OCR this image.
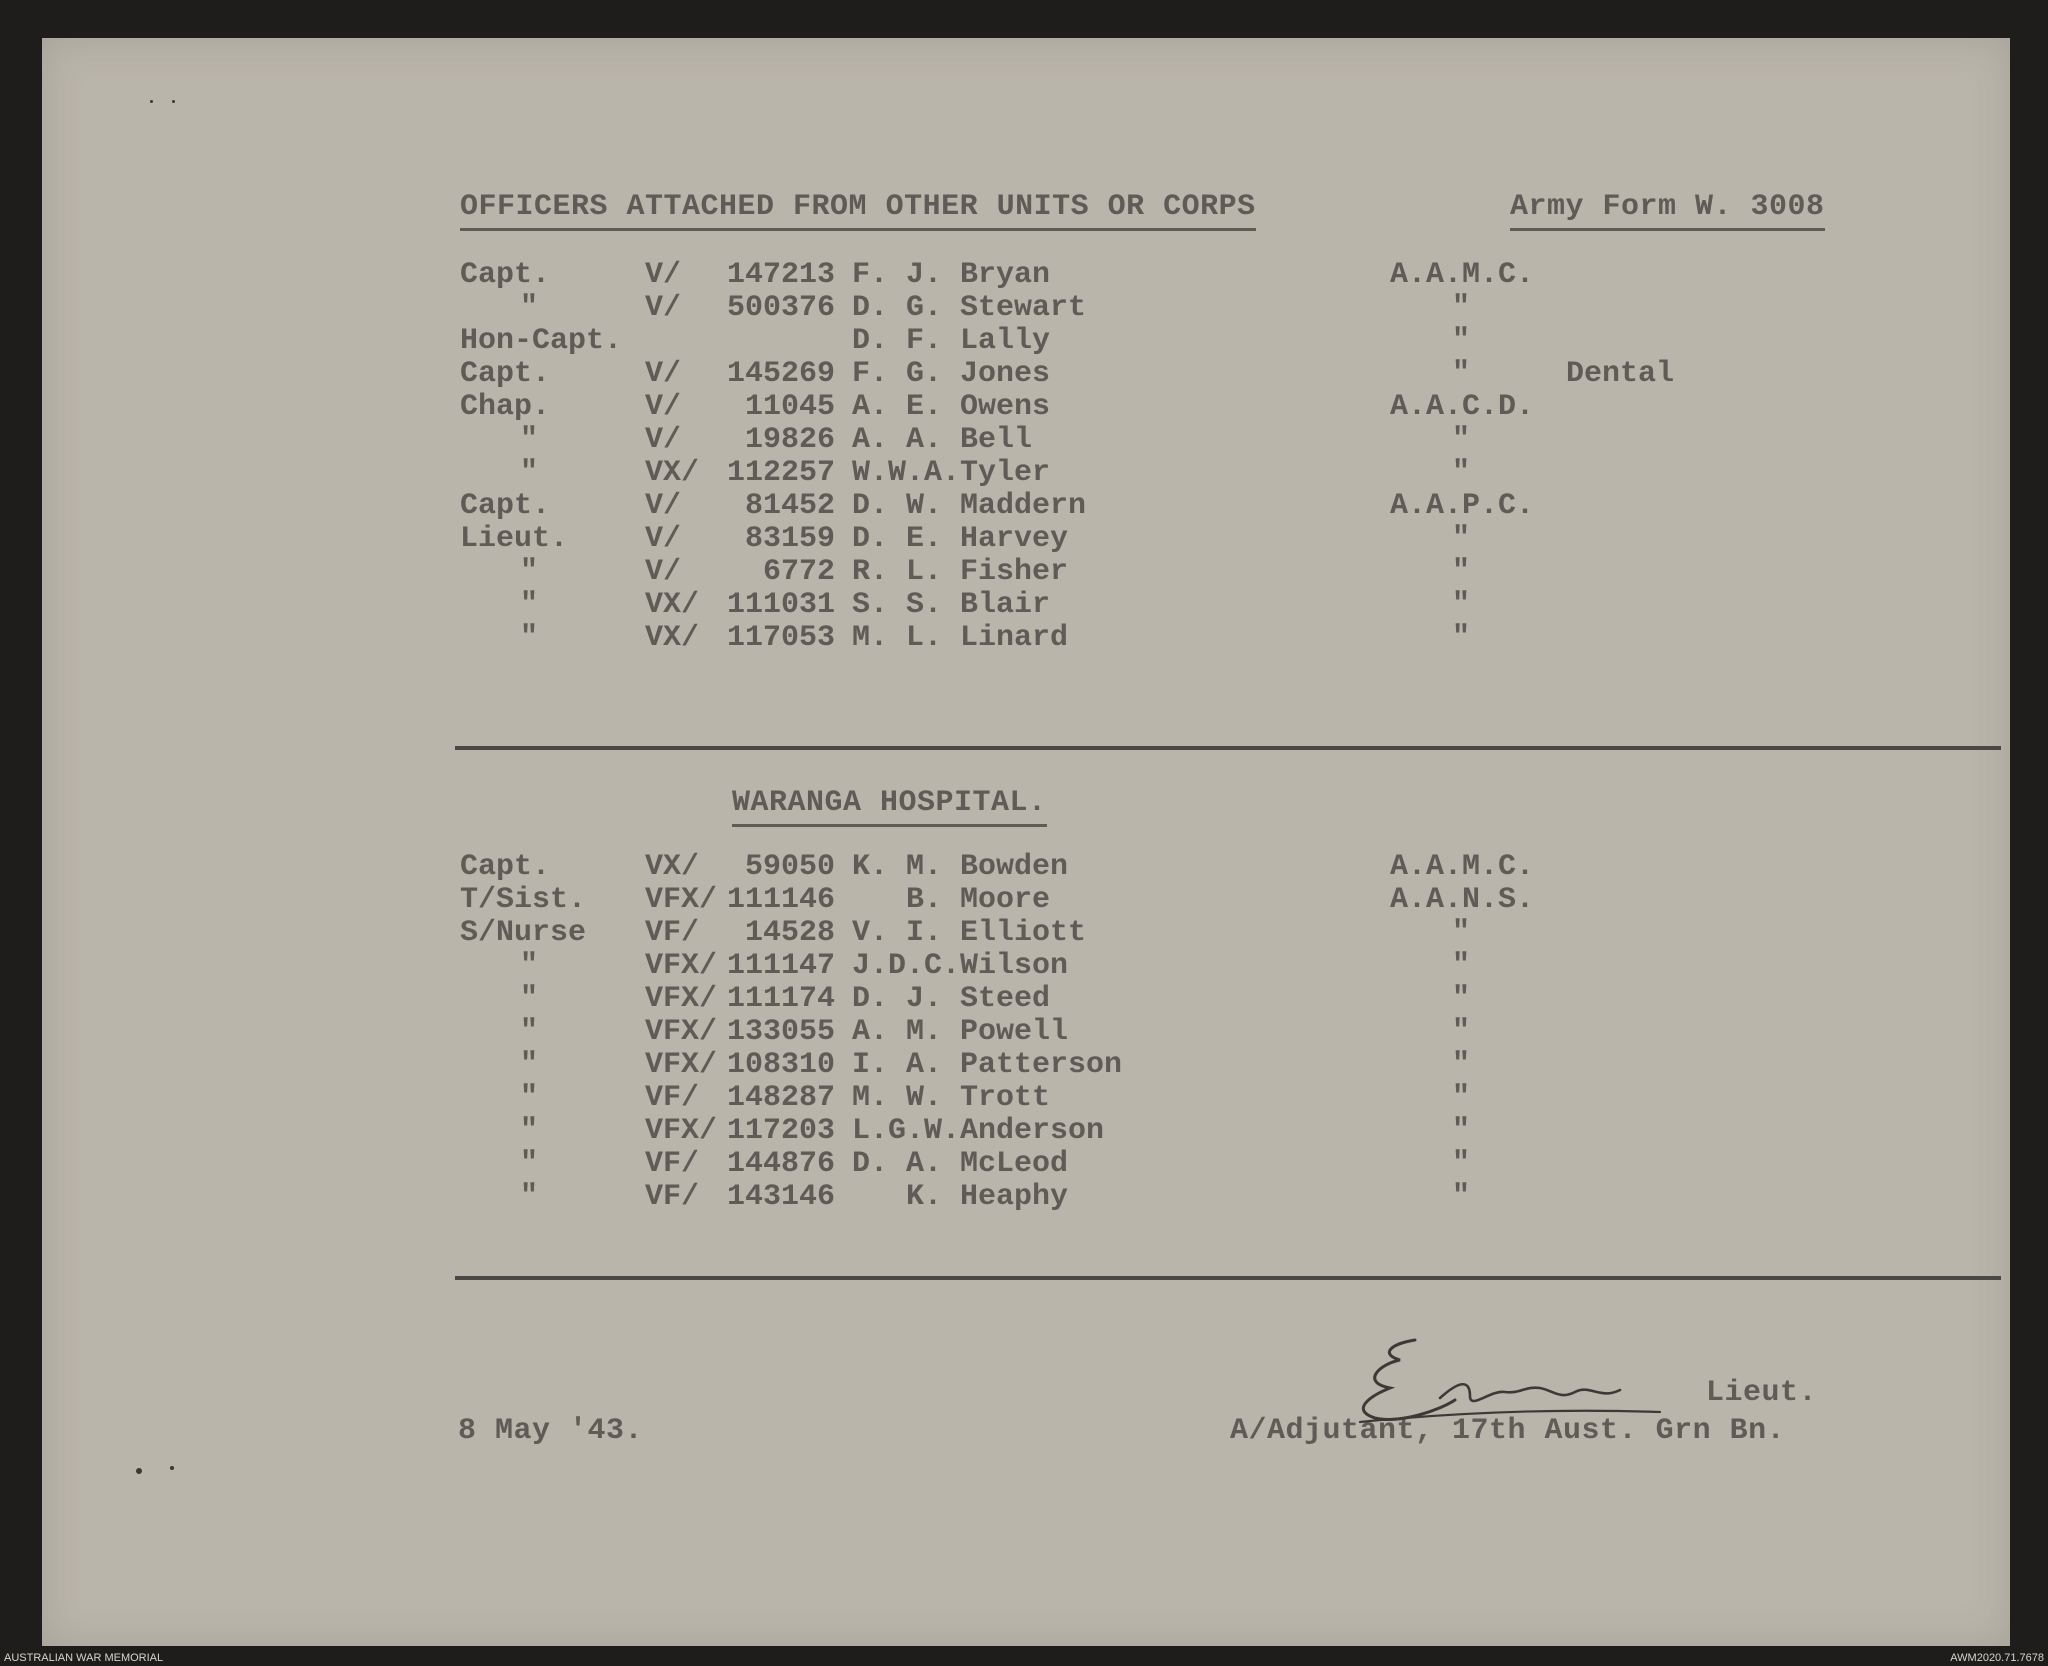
OFFICERS ATTACHED FROM OTHER UNITS OR CORPS	Army Form W. 3008
Capt.	V/	147213 F. J. Bryan	A.A.M.C.
"	V/	500376 D. G. Stewart	"
Hon-Capt.	D. F. Lally	"
Capt.	V/	145269 F. G. Jones	"	Dental
Chap.	V/	11045 A. E. Owens	A.A.C.D.
"	V/	19826 A. A. Bell	"
"	VX/ 112257 W.W.A.Tyler	"
Capt.	V/	81452 D. W. Maddern	A.A.P.C.
Lieut.	V/	83159 D. E. Harvey	"
"	V/	6772 R. L. Fisher	"
"	VX/ 111031 S. S. Blair	"
"	VX/ 117053 M. L. Linard	"
WARANGA HOSPITAL.
Capt.	VX/	59050 K. M. Bowden	A.A.M.C.
T/Sist. VFX/ 111146 B. Moore	A.A.N.S.
S/Nurse VF/	14528 V. I. Elliott	"
"	VFX/ 111147 J.D.C.Wilson	"
"	VFX/ 111174 D. J. Steed	"
"	VFX/ 133055 A. M. Powell	"
"	VFX/ 108310 I. A. Patterson	"
"	VF/ 148287 M. W. Trott	"
"	VFX/ 117203 L.G.W.Anderson	"
"	VF/ 144876 D. A. McLeod	"
"	VF/ 143146 K. Heaphy	"
8 May '43.
Lieut.
A/Adjutant, 17th Aust. Grn Bn.
AUSTRALIAN WAR MEMORIAL	AWM2020.71.7678
